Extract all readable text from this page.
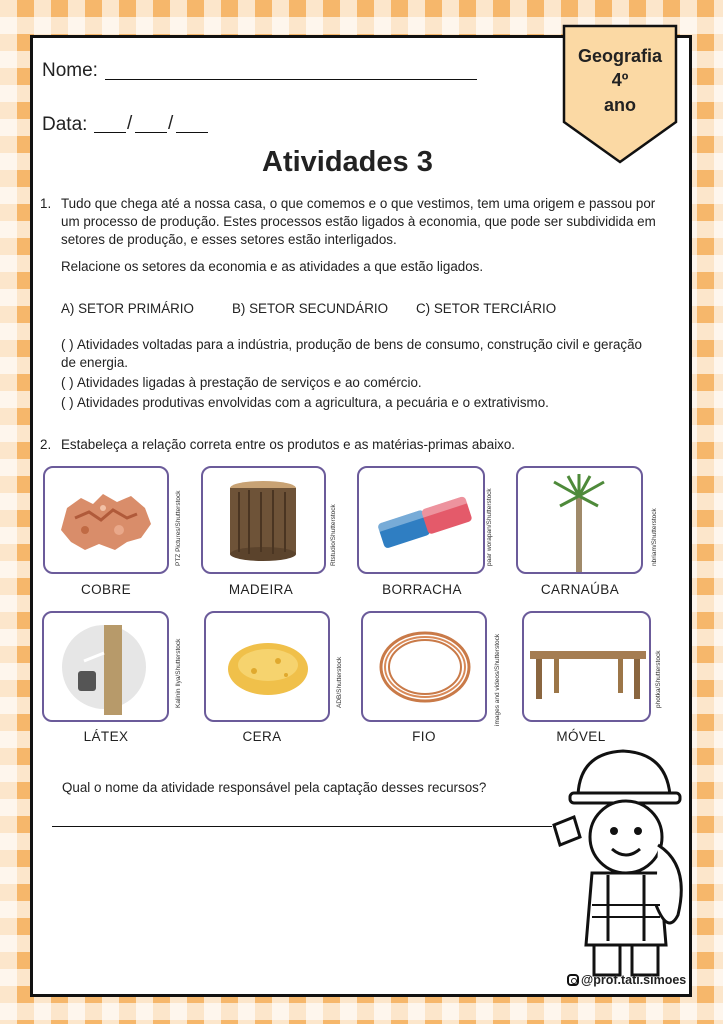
Nome:
Data: / /
Atividades 3
Geografia
4º
ano
1. Tudo que chega até a nossa casa, o que comemos e o que vestimos, tem uma origem e passou por
um processo de produção. Estes processos estão ligados à economia, que pode ser subdividida em
setores de produção, e esses setores estão interligados.
Relacione os setores da economia e as atividades a que estão ligados.
A) SETOR PRIMÁRIO	B) SETOR SECUNDÁRIO C) SETOR TERCIÁRIO
( ) Atividades voltadas para a indústria, produção de bens de consumo, construção civil e geração
de energia.
( ) Atividades ligadas à prestação de serviços e ao comércio.
( ) Atividades produtivas envolvidas com a agricultura, a pecuária e o extrativismo.
2. Estabeleça a relação correta entre os produtos e as matérias-primas abaixo.
PTZ Pictures/Shutterstock	Rtstudio/Shutterstock	paar worapan/Shutterstock	nbriam/Shutterstock
COBRE	MADEIRA	BORRACHA	CARNAÚBA
Kalinin Ilya/Shutterstock	ADB/Shutterstock	images and videos/Shutterstock	photka/Shutterstock
LÁTEX	CERA	FIO	MÓVEL
Qual o nome da atividade responsável pela captação desses recursos?
@prof.tati.simoes
